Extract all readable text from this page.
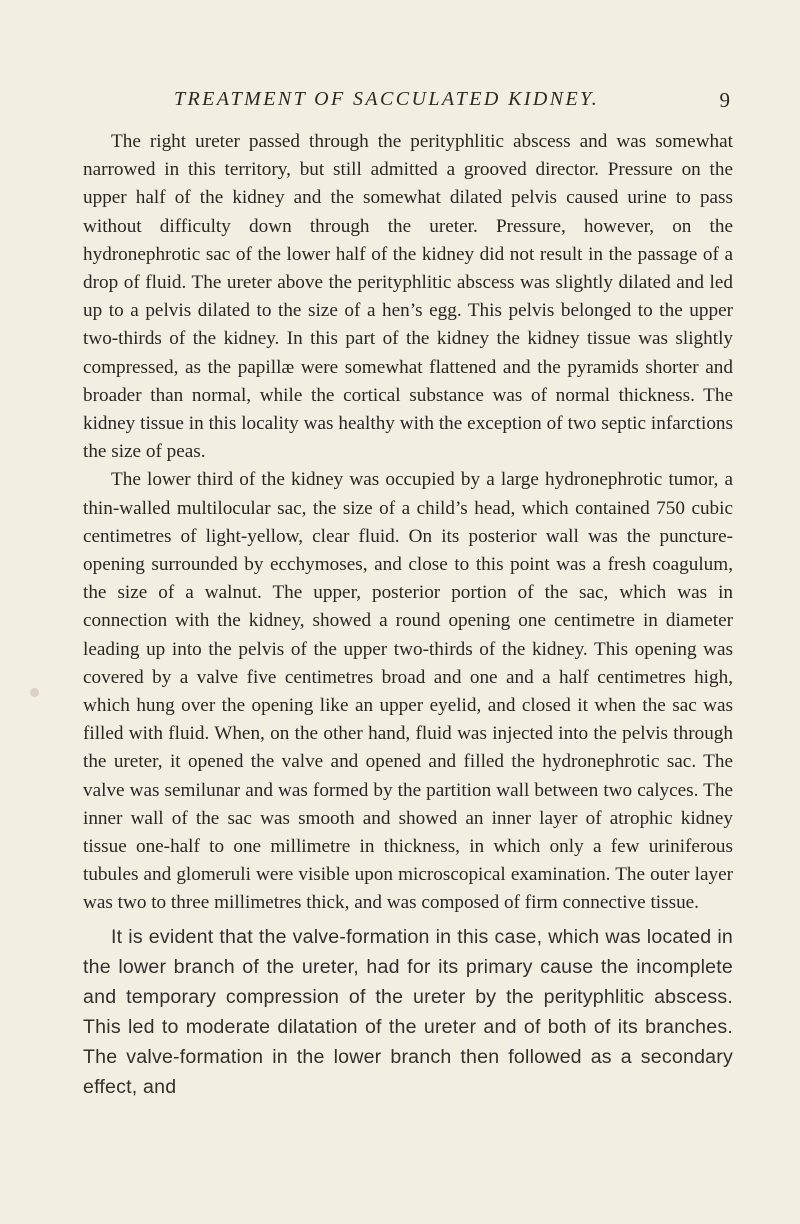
TREATMENT OF SACCULATED KIDNEY.	9

The right ureter passed through the perityphlitic abscess and was somewhat narrowed in this territory, but still admitted a grooved director. Pressure on the upper half of the kidney and the somewhat dilated pelvis caused urine to pass without difficulty down through the ureter. Pressure, however, on the hydronephrotic sac of the lower half of the kidney did not result in the passage of a drop of fluid. The ureter above the perityphlitic abscess was slightly dilated and led up to a pelvis dilated to the size of a hen’s egg. This pelvis belonged to the upper two-thirds of the kidney. In this part of the kidney the kidney tissue was slightly compressed, as the papillæ were somewhat flattened and the pyramids shorter and broader than normal, while the cortical substance was of normal thickness. The kidney tissue in this locality was healthy with the exception of two septic infarctions the size of peas.

The lower third of the kidney was occupied by a large hydronephrotic tumor, a thin-walled multilocular sac, the size of a child’s head, which contained 750 cubic centimetres of light-yellow, clear fluid. On its posterior wall was the puncture-opening surrounded by ecchymoses, and close to this point was a fresh coagulum, the size of a walnut. The upper, posterior portion of the sac, which was in connection with the kidney, showed a round opening one centimetre in diameter leading up into the pelvis of the upper two-thirds of the kidney. This opening was covered by a valve five centimetres broad and one and a half centimetres high, which hung over the opening like an upper eyelid, and closed it when the sac was filled with fluid. When, on the other hand, fluid was injected into the pelvis through the ureter, it opened the valve and opened and filled the hydronephrotic sac. The valve was semilunar and was formed by the partition wall between two calyces. The inner wall of the sac was smooth and showed an inner layer of atrophic kidney tissue one-half to one millimetre in thickness, in which only a few uriniferous tubules and glomeruli were visible upon microscopical examination. The outer layer was two to three millimetres thick, and was composed of firm connective tissue.

It is evident that the valve-formation in this case, which was located in the lower branch of the ureter, had for its primary cause the incomplete and temporary compression of the ureter by the perityphlitic abscess. This led to moderate dilatation of the ureter and of both of its branches. The valve-formation in the lower branch then followed as a secondary effect, and
